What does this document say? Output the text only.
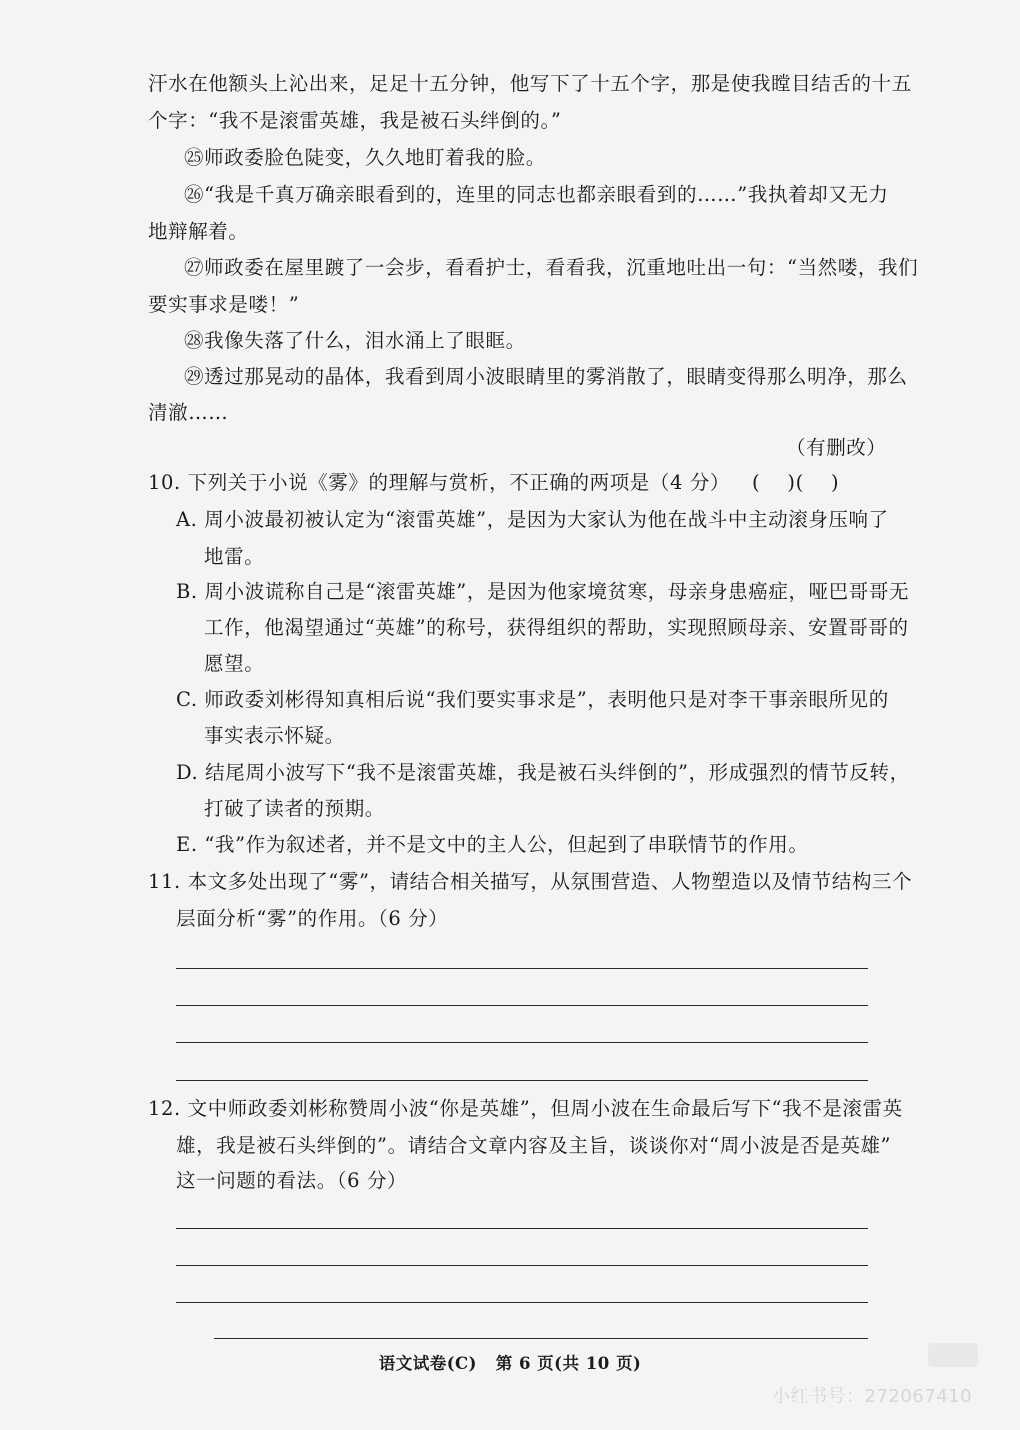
汗水在他额头上沁出来，足足十五分钟，他写下了十五个字，那是使我瞠目结舌的十五
个字：“我不是滚雷英雄，我是被石头绊倒的。”
㉕师政委脸色陡变，久久地盯着我的脸。
㉖“我是千真万确亲眼看到的，连里的同志也都亲眼看到的……”我执着却又无力
地辩解着。
㉗师政委在屋里踱了一会步，看看护士，看看我，沉重地吐出一句：“当然喽，我们
要实事求是喽！”
㉘我像失落了什么，泪水涌上了眼眶。
㉙透过那晃动的晶体，我看到周小波眼睛里的雾消散了，眼睛变得那么明净，那么
清澈……
（有删改）
10. 下列关于小说《雾》的理解与赏析，不正确的两项是（4 分） (    )(    )
A. 周小波最初被认定为“滚雷英雄”，是因为大家认为他在战斗中主动滚身压响了
地雷。
B. 周小波谎称自己是“滚雷英雄”，是因为他家境贫寒，母亲身患癌症，哑巴哥哥无
工作，他渴望通过“英雄”的称号，获得组织的帮助，实现照顾母亲、安置哥哥的
愿望。
C. 师政委刘彬得知真相后说“我们要实事求是”，表明他只是对李干事亲眼所见的
事实表示怀疑。
D. 结尾周小波写下“我不是滚雷英雄，我是被石头绊倒的”，形成强烈的情节反转，
打破了读者的预期。
E. “我”作为叙述者，并不是文中的主人公，但起到了串联情节的作用。
11. 本文多处出现了“雾”，请结合相关描写，从氛围营造、人物塑造以及情节结构三个
层面分析“雾”的作用。（6 分）
12. 文中师政委刘彬称赞周小波“你是英雄”，但周小波在生命最后写下“我不是滚雷英
雄，我是被石头绊倒的”。请结合文章内容及主旨，谈谈你对“周小波是否是英雄”
这一问题的看法。（6 分）
语文试卷(C)   第 6 页(共 10 页)
小红书号：272067410
